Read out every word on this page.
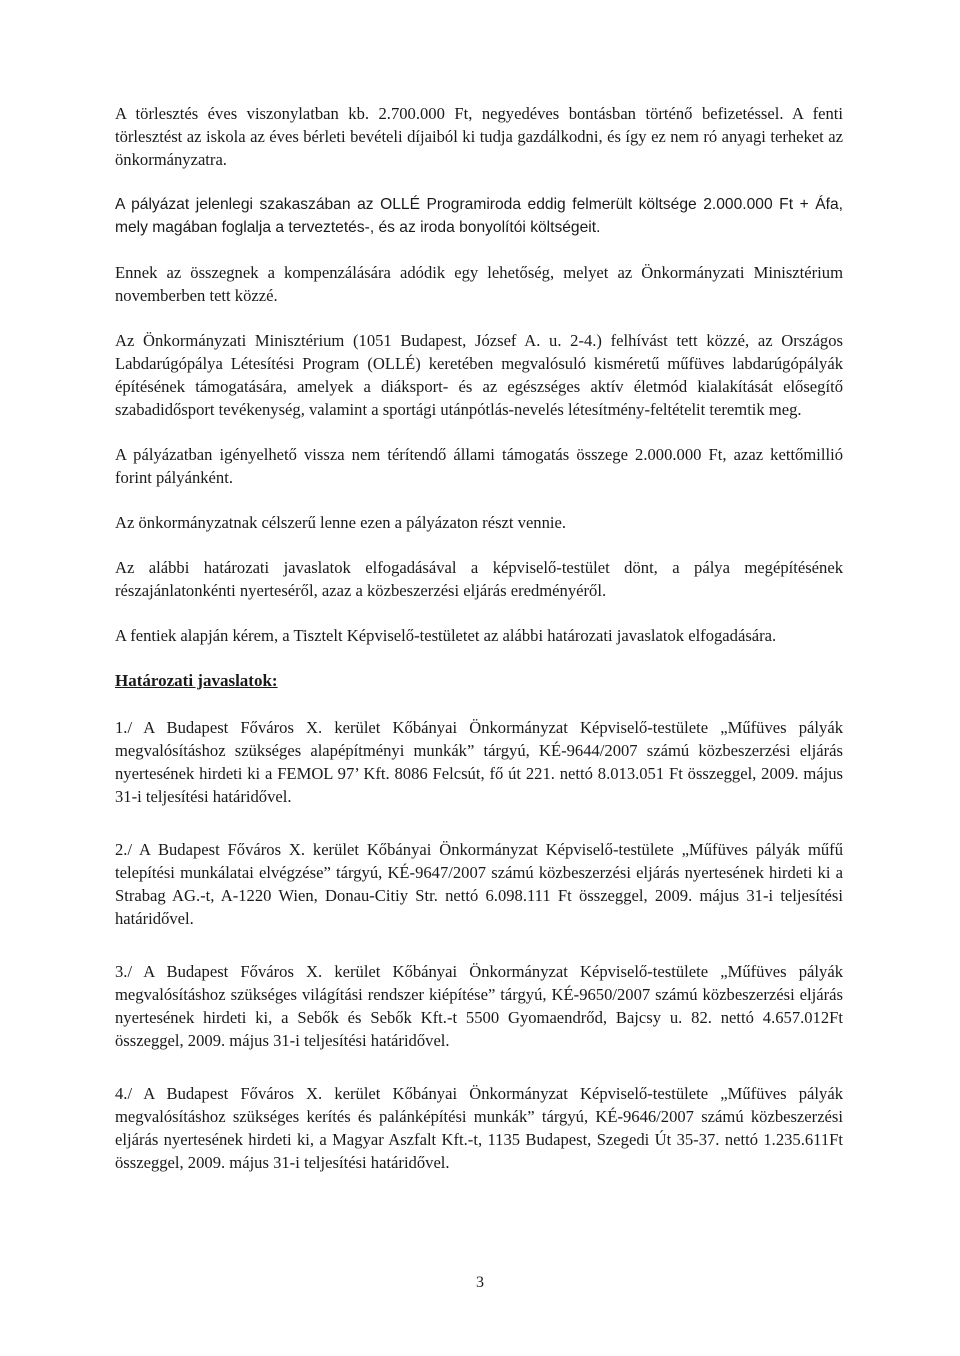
A törlesztés éves viszonylatban kb. 2.700.000 Ft, negyedéves bontásban történő befizetéssel. A fenti törlesztést az iskola az éves bérleti bevételi díjaiból ki tudja gazdálkodni, és így ez nem ró anyagi terheket az önkormányzatra.

A pályázat jelenlegi szakaszában az OLLÉ Programiroda eddig felmerült költsége 2.000.000 Ft + Áfa, mely magában foglalja a terveztetés-, és az iroda bonyolítói költségeit.

Ennek az összegnek a kompenzálására adódik egy lehetőség, melyet az Önkormányzati Minisztérium novemberben tett közzé.

Az Önkormányzati Minisztérium (1051 Budapest, József A. u. 2-4.) felhívást tett közzé, az Országos Labdarúgópálya Létesítési Program (OLLÉ) keretében megvalósuló kisméretű műfüves labdarúgópályák építésének támogatására, amelyek a diáksport- és az egészséges aktív életmód kialakítását elősegítő szabadidősport tevékenység, valamint a sportági utánpótlás-nevelés létesítmény-feltételit teremtik meg.

A pályázatban igényelhető vissza nem térítendő állami támogatás összege 2.000.000 Ft, azaz kettőmillió forint pályánként.

Az önkormányzatnak célszerű lenne ezen a pályázaton részt vennie.

Az alábbi határozati javaslatok elfogadásával a képviselő-testület dönt, a pálya megépítésének részajánlatonkénti nyerteséről, azaz a közbeszerzési eljárás eredményéről.

A fentiek alapján kérem, a Tisztelt Képviselő-testületet az alábbi határozati javaslatok elfogadására.

Határozati javaslatok:

1./ A Budapest Főváros X. kerület Kőbányai Önkormányzat Képviselő-testülete „Műfüves pályák megvalósításhoz szükséges alapépítményi munkák” tárgyú, KÉ-9644/2007 számú közbeszerzési eljárás nyertesének hirdeti ki a FEMOL 97’ Kft. 8086 Felcsút, fő út 221. nettó 8.013.051 Ft összeggel, 2009. május 31-i teljesítési határidővel.

2./ A Budapest Főváros X. kerület Kőbányai Önkormányzat Képviselő-testülete „Műfüves pályák műfű telepítési munkálatai elvégzése” tárgyú, KÉ-9647/2007 számú közbeszerzési eljárás nyertesének hirdeti ki a Strabag AG.-t, A-1220 Wien, Donau-Citiy Str. nettó 6.098.111 Ft összeggel, 2009. május 31-i teljesítési határidővel.

3./ A Budapest Főváros X. kerület Kőbányai Önkormányzat Képviselő-testülete „Műfüves pályák megvalósításhoz szükséges világítási rendszer kiépítése” tárgyú, KÉ-9650/2007 számú közbeszerzési eljárás nyertesének hirdeti ki, a Sebők és Sebők Kft.-t 5500 Gyomaendrőd, Bajcsy u. 82. nettó 4.657.012Ft összeggel, 2009. május 31-i teljesítési határidővel.

4./ A Budapest Főváros X. kerület Kőbányai Önkormányzat Képviselő-testülete „Műfüves pályák megvalósításhoz szükséges kerítés és palánképítési munkák” tárgyú, KÉ-9646/2007 számú közbeszerzési eljárás nyertesének hirdeti ki, a Magyar Aszfalt Kft.-t, 1135 Budapest, Szegedi Út 35-37. nettó 1.235.611Ft összeggel, 2009. május 31-i teljesítési határidővel.

3
